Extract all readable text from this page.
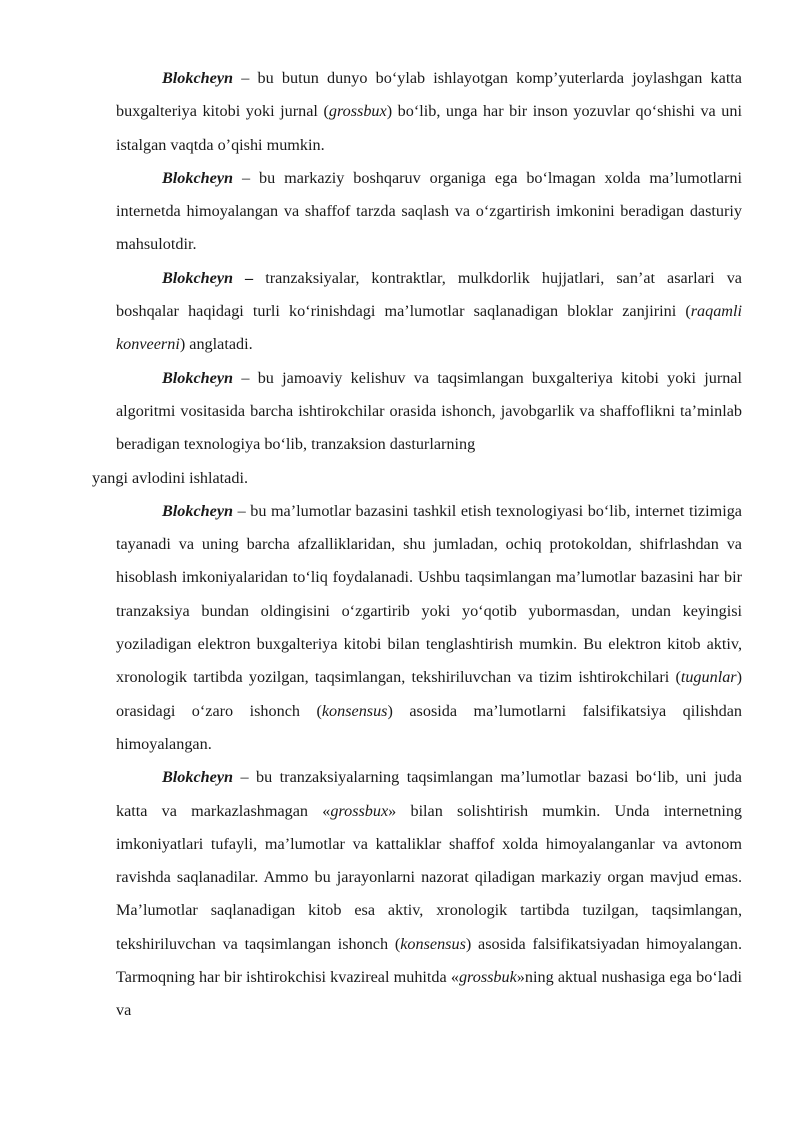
Blokcheyn – bu butun dunyo bo‘ylab ishlayotgan komp’yuterlarda joylashgan katta buxgalteriya kitobi yoki jurnal (grossbux) bo‘lib, unga har bir inson yozuvlar qo‘shishi va uni istalgan vaqtda o’qishi mumkin.

Blokcheyn – bu markaziy boshqaruv organiga ega bo‘lmagan xolda ma’lumotlarni internetda himoyalangan va shaffof tarzda saqlash va o‘zgartirish imkonini beradigan dasturiy mahsulotdir.

Blokcheyn – tranzaksiyalar, kontraktlar, mulkdorlik hujjatlari, san’at asarlari va boshqalar haqidagi turli ko‘rinishdagi ma’lumotlar saqlanadigan bloklar zanjirini (raqamli konveerni) anglatadi.

Blokcheyn – bu jamoaviy kelishuv va taqsimlangan buxgalteriya kitobi yoki jurnal algoritmi vositasida barcha ishtirokchilar orasida ishonch, javobgarlik va shaffoflikni ta’minlab beradigan texnologiya bo‘lib, tranzaksion dasturlarning
yangi avlodini ishlatadi.

Blokcheyn – bu ma’lumotlar bazasini tashkil etish texnologiyasi bo‘lib, internet tizimiga tayanadi va uning barcha afzalliklaridan, shu jumladan, ochiq protokoldan, shifrlashdan va hisoblash imkoniyalaridan to‘liq foydalanadi. Ushbu taqsimlangan ma’lumotlar bazasini har bir tranzaksiya bundan oldingisini o‘zgartirib yoki yo‘qotib yubormasdan, undan keyingisi yoziladigan elektron buxgalteriya kitobi bilan tenglashtirish mumkin. Bu elektron kitob aktiv, xronologik tartibda yozilgan, taqsimlangan, tekshiriluvchan va tizim ishtirokchilari (tugunlar) orasidagi o‘zaro ishonch (konsensus) asosida ma’lumotlarni falsifikatsiya qilishdan himoyalangan.

Blokcheyn – bu tranzaksiyalarning taqsimlangan ma’lumotlar bazasi bo‘lib, uni juda katta va markazlashmagan «grossbux» bilan solishtirish mumkin. Unda internetning imkoniyatlari tufayli, ma’lumotlar va kattaliklar shaffof xolda himoyalanganlar va avtonom ravishda saqlanadilar. Ammo bu jarayonlarni nazorat qiladigan markaziy organ mavjud emas. Ma’lumotlar saqlanadigan kitob esa aktiv, xronologik tartibda tuzilgan, taqsimlangan, tekshiriluvchan va taqsimlangan ishonch (konsensus) asosida falsifikatsiyadan himoyalangan. Tarmoqning har bir ishtirokchisi kvazireal muhitda «grossbuk»ning aktual nushasiga ega bo‘ladi va
